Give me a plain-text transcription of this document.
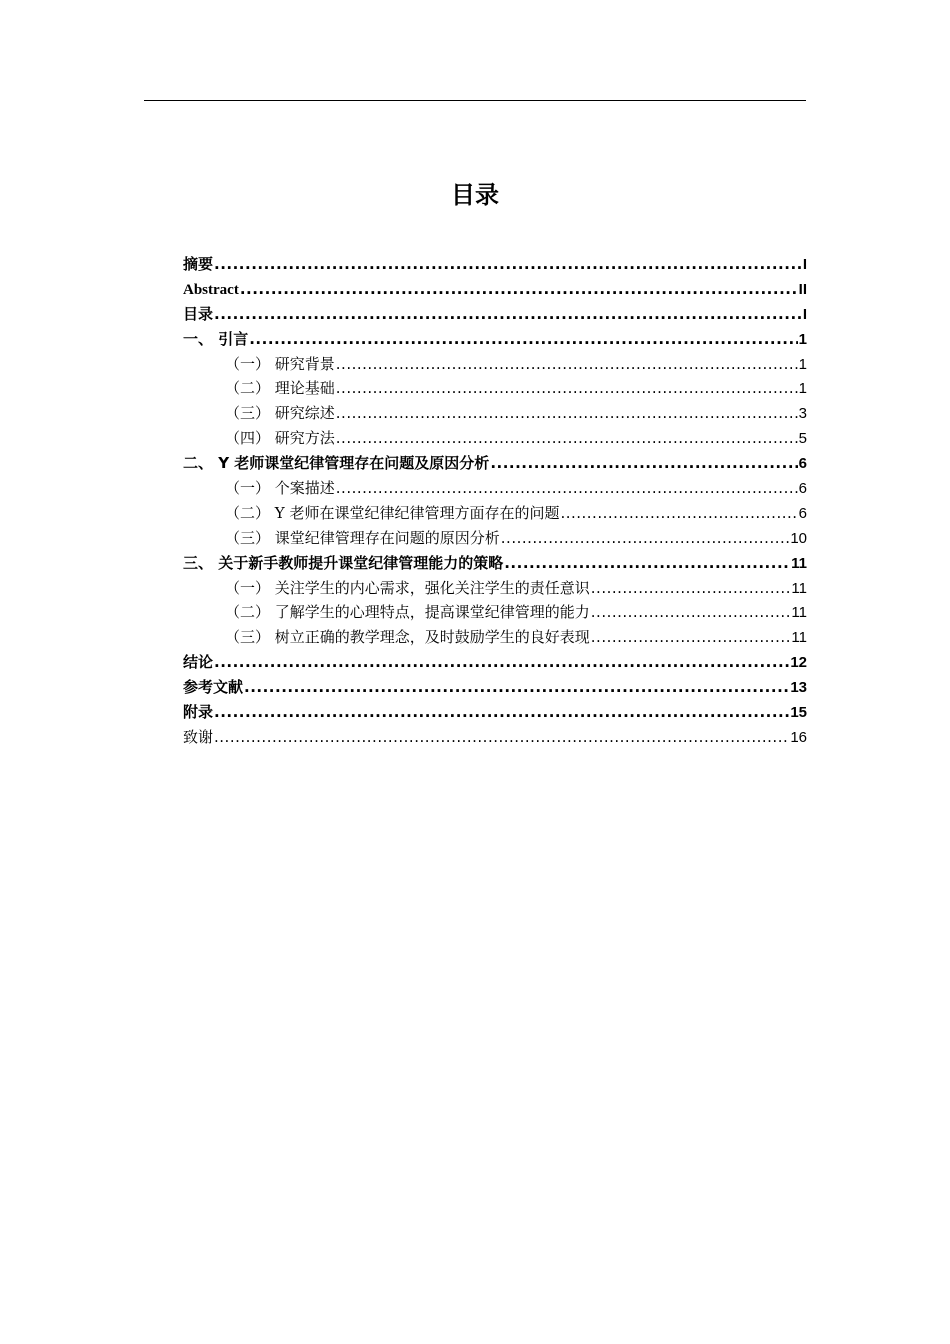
目录
摘要 .....	I
Abstract .....	II
目录 .....	I
一、 引言 .....	1
（一） 研究背景 .....	1
（二） 理论基础 .....	1
（三） 研究综述 .....	3
（四） 研究方法 .....	5
二、 Y 老师课堂纪律管理存在问题及原因分析 .....	6
（一） 个案描述 .....	6
（二） Y 老师在课堂纪律纪律管理方面存在的问题 .....	6
（三） 课堂纪律管理存在问题的原因分析 .....	10
三、 关于新手教师提升课堂纪律管理能力的策略 .....	11
（一） 关注学生的内心需求，强化关注学生的责任意识 .....	11
（二） 了解学生的心理特点，提高课堂纪律管理的能力 .....	11
（三） 树立正确的教学理念，及时鼓励学生的良好表现 .....	11
结论 .....	12
参考文献 .....	13
附录 .....	15
致谢 .....	16
